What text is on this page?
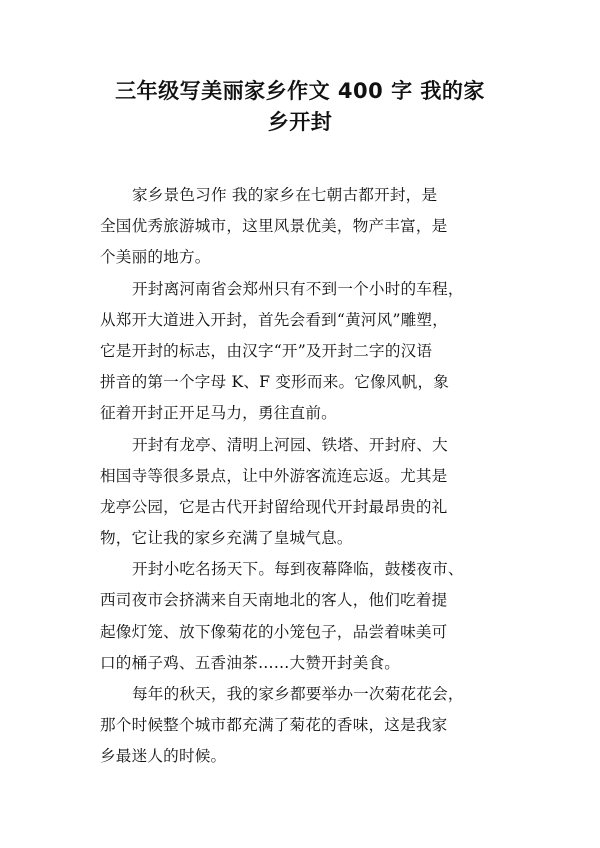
三年级写美丽家乡作文 400 字 我的家
乡开封
家乡景色习作 我的家乡在七朝古都开封，是
全国优秀旅游城市，这里风景优美，物产丰富，是
个美丽的地方。
开封离河南省会郑州只有不到一个小时的车程，
从郑开大道进入开封，首先会看到“黄河风”雕塑，
它是开封的标志，由汉字“开”及开封二字的汉语
拼音的第一个字母 K、F 变形而来。它像风帆，象
征着开封正开足马力，勇往直前。
开封有龙亭、清明上河园、铁塔、开封府、大
相国寺等很多景点，让中外游客流连忘返。尤其是
龙亭公园，它是古代开封留给现代开封最昂贵的礼
物，它让我的家乡充满了皇城气息。
开封小吃名扬天下。每到夜幕降临，鼓楼夜市、
西司夜市会挤满来自天南地北的客人，他们吃着提
起像灯笼、放下像菊花的小笼包子，品尝着味美可
口的桶子鸡、五香油茶……大赞开封美食。
每年的秋天，我的家乡都要举办一次菊花花会，
那个时候整个城市都充满了菊花的香味，这是我家
乡最迷人的时候。
